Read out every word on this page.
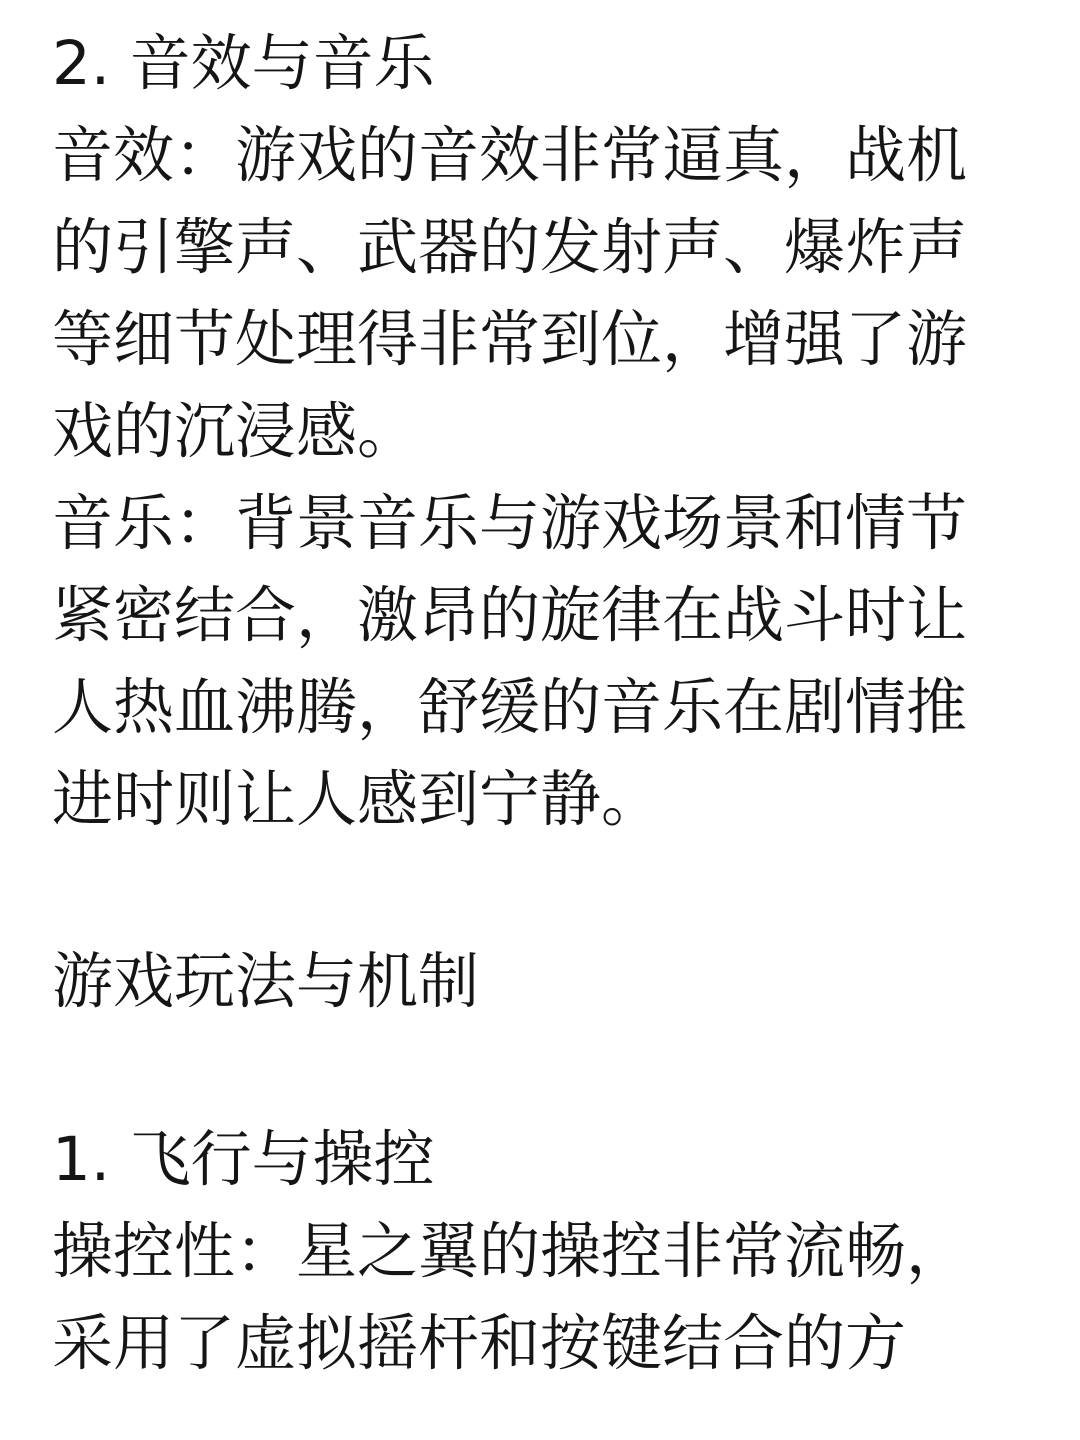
2. 音效与音乐

音效：游戏的音效非常逼真，战机的引擎声、武器的发射声、爆炸声等细节处理得非常到位，增强了游戏的沉浸感。

音乐：背景音乐与游戏场景和情节紧密结合，激昂的旋律在战斗时让人热血沸腾，舒缓的音乐在剧情推进时则让人感到宁静。

游戏玩法与机制
1. 飞行与操控

操控性：星之翼的操控非常流畅，采用了虚拟摇杆和按键结合的方
